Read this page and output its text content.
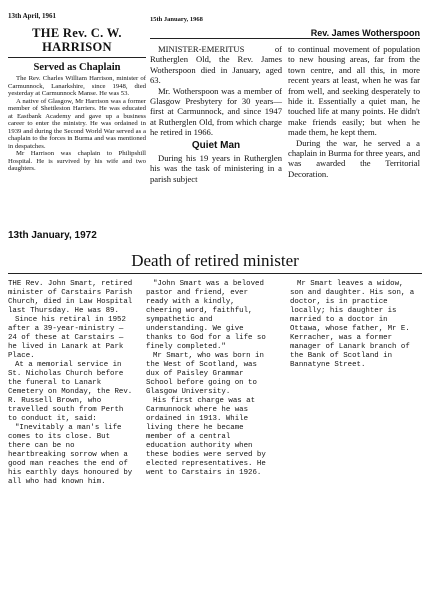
13th April, 1961
THE Rev. C. W.
HARRISON
Served as Chaplain

The Rev. Charles William Harrison, minister of Carmunnock, Lanarkshire, since 1948, died yesterday at Carmunnock Manse. He was 53.

A native of Glasgow, Mr Harrison was a former member of Shettleston Harriers. He was educated at Eastbank Academy and gave up a business career to enter the ministry. He was ordained in 1939 and during the Second World War served as a chaplain to the forces in Burma and was mentioned in despatches.

Mr Harrison was chaplain to Philipshill Hospital. He is survived by his wife and two daughters.

15th January, 1968
Rev. James Wotherspoon

MINISTER-EMERITUS of Rutherglen Old, the Rev. James Wotherspoon died in January, aged 63.

Mr. Wotherspoon was a member of Glasgow Presbytery for 30 years—first at Carmunnock, and since 1947 at Rutherglen Old, from which charge he retired in 1966.

Quiet Man

During his 19 years in Rutherglen his was the task of ministering in a parish subject

to continual movement of population to new housing areas, far from the town centre, and all this, in more recent years at least, when he was far from well, and seeking desperately to hide it. Essentially a quiet man, he touched life at many points. He didn't make friends easily; but when he made them, he kept them.

During the war, he served a a chaplain in Burma for three years, and was awarded the Territorial Decoration.

13th January, 1972
Death of retired minister

THE Rev. John Smart, retired minister of Carstairs Parish Church, died in Law Hospital last Thursday. He was 89.

Since his retiral in 1952 after a 39-year-ministry — 24 of these at Carstairs — he lived in Lanark at Park Place.

At a memorial service in St. Nicholas Church before the funeral to Lanark Cemetery on Monday, the Rev. R. Russell Brown, who travelled south from Perth to conduct it, said:

"Inevitably a man's life comes to its close. But there can be no heartbreaking sorrow when a good man reaches the end of his earthly days honoured by all who had known him.

"John Smart was a beloved pastor and friend, ever ready with a kindly, cheering word, faithful, sympathetic and understanding. We give thanks to God for a life so finely completed."

Mr Smart, who was born in the West of Scotland, was dux of Paisley Grammar School before going on to Glasgow University.

His first charge was at Carmunnock where he was ordained in 1913. While living there he became member of a central education authority when these bodies were served by elected representatives. He went to Carstairs in 1926.

Mr Smart leaves a widow, son and daughter. His son, a doctor, is in practice locally; his daughter is married to a doctor in Ottawa, whose father, Mr E. Kerracher, was a former manager of Lanark branch of the Bank of Scotland in Bannatyne Street.
